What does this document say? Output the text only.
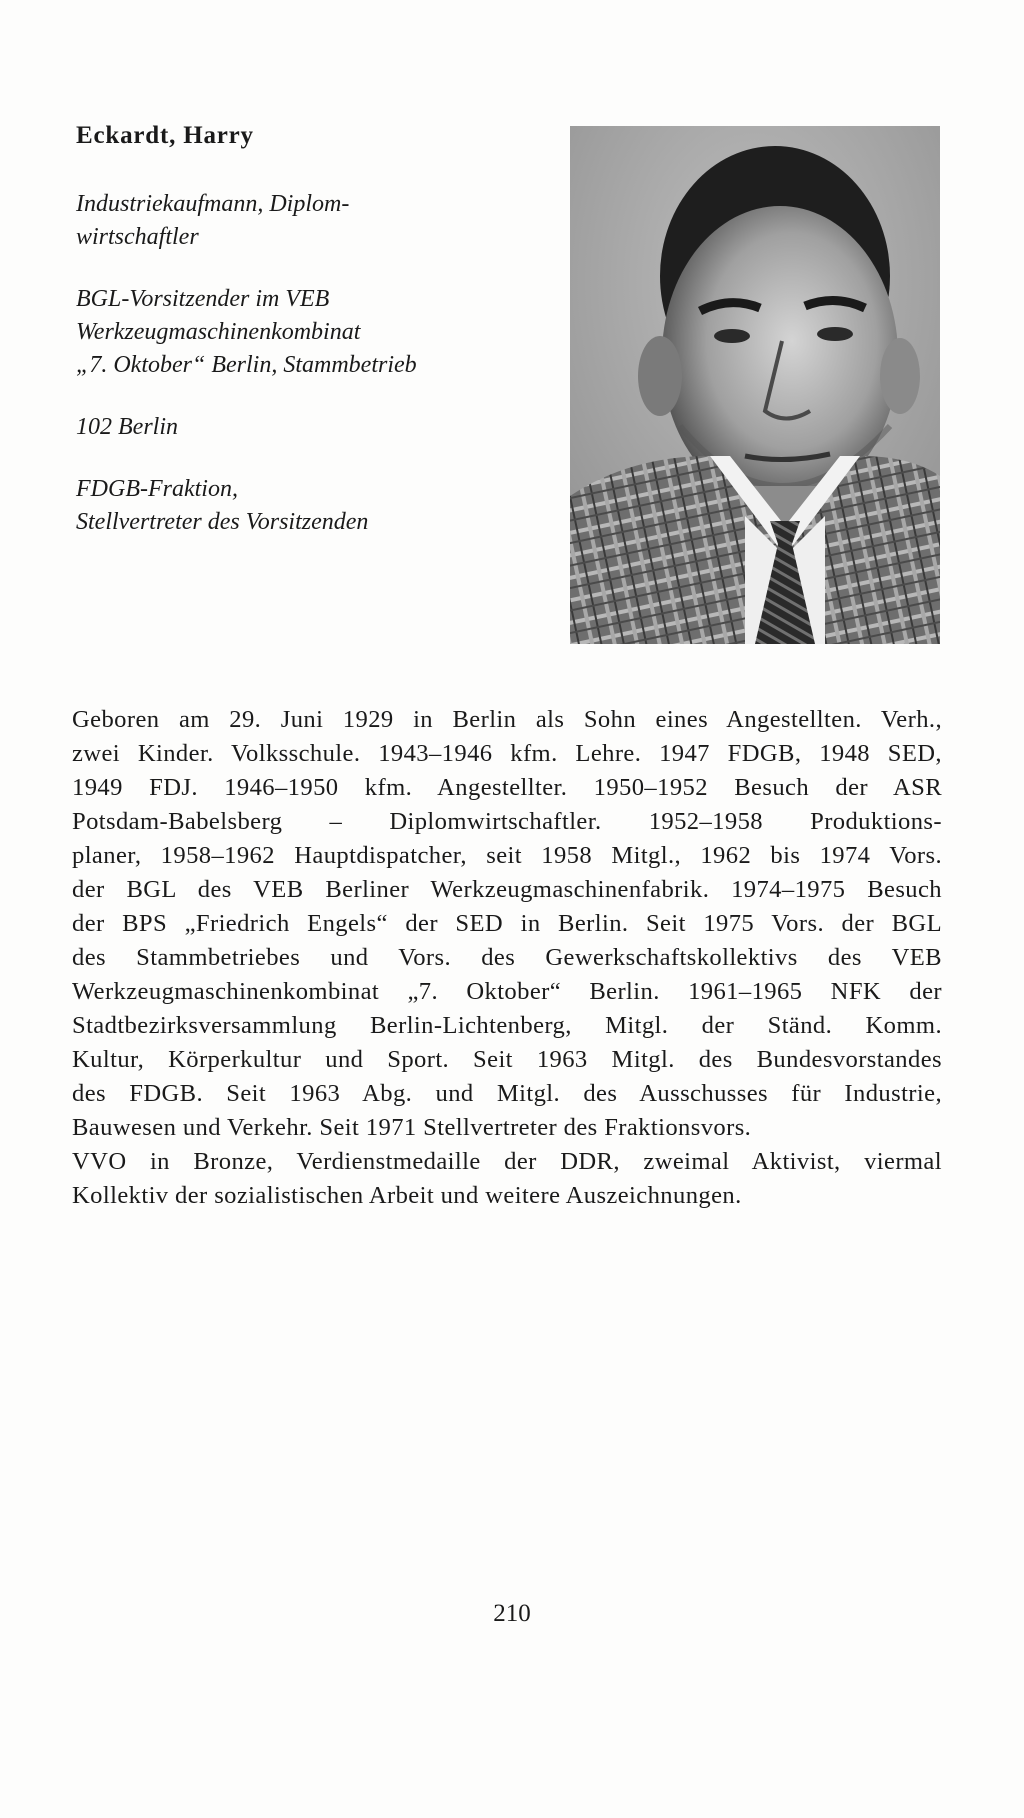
Eckardt, Harry

Industriekaufmann, Diplom-
wirtschaftler

BGL-Vorsitzender im VEB
Werkzeugmaschinenkombinat
„7. Oktober“ Berlin, Stammbetrieb

102 Berlin

FDGB-Fraktion,
Stellvertreter des Vorsitzenden

Geboren am 29. Juni 1929 in Berlin als Sohn eines Angestellten. Verh.,
zwei Kinder. Volksschule. 1943–1946 kfm. Lehre. 1947 FDGB, 1948 SED,
1949 FDJ. 1946–1950 kfm. Angestellter. 1950–1952 Besuch der ASR
Potsdam-Babelsberg – Diplomwirtschaftler. 1952–1958 Produktions-
planer, 1958–1962 Hauptdispatcher, seit 1958 Mitgl., 1962 bis 1974 Vors.
der BGL des VEB Berliner Werkzeugmaschinenfabrik. 1974–1975 Besuch
der BPS „Friedrich Engels“ der SED in Berlin. Seit 1975 Vors. der BGL
des Stammbetriebes und Vors. des Gewerkschaftskollektivs des VEB
Werkzeugmaschinenkombinat „7. Oktober“ Berlin. 1961–1965 NFK der
Stadtbezirksversammlung Berlin-Lichtenberg, Mitgl. der Ständ. Komm.
Kultur, Körperkultur und Sport. Seit 1963 Mitgl. des Bundesvorstandes
des FDGB. Seit 1963 Abg. und Mitgl. des Ausschusses für Industrie,
Bauwesen und Verkehr. Seit 1971 Stellvertreter des Fraktionsvors.
VVO in Bronze, Verdienstmedaille der DDR, zweimal Aktivist, viermal
Kollektiv der sozialistischen Arbeit und weitere Auszeichnungen.
210
